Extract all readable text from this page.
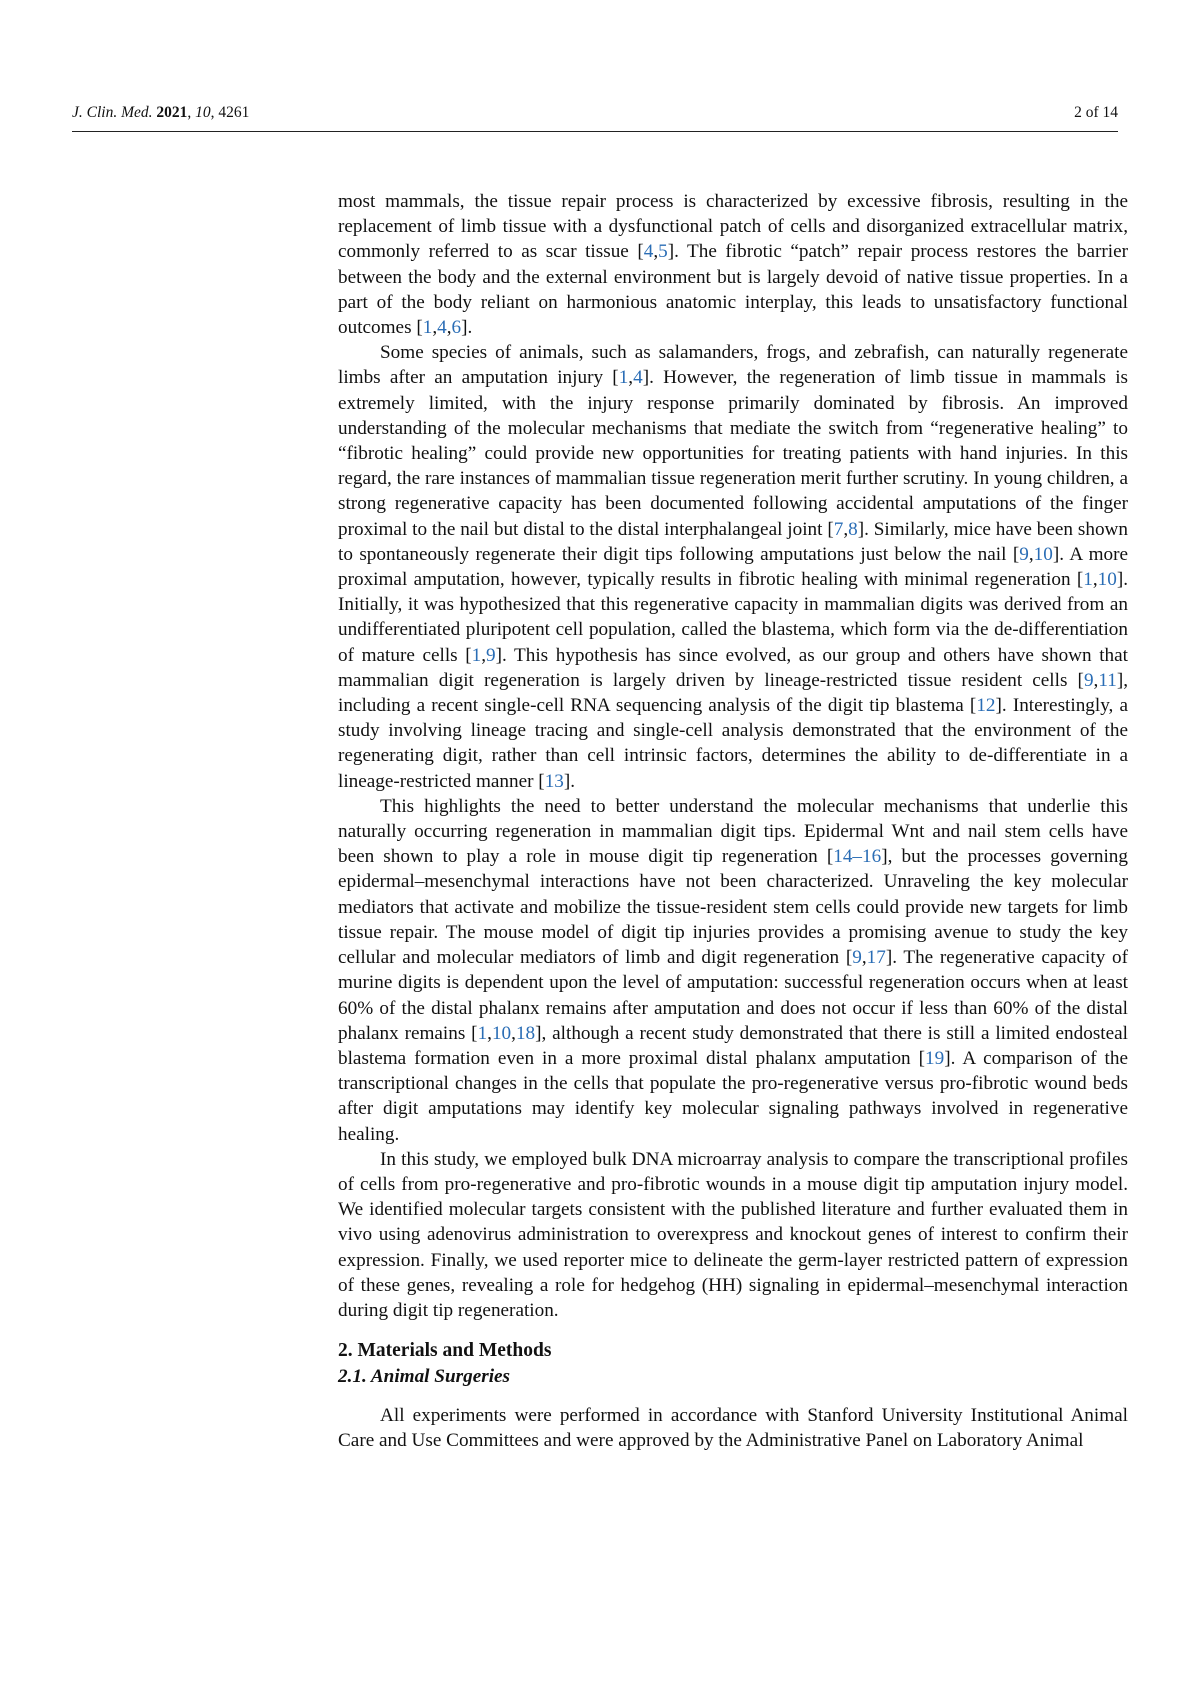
J. Clin. Med. 2021, 10, 4261	2 of 14

most mammals, the tissue repair process is characterized by excessive fibrosis, resulting in the replacement of limb tissue with a dysfunctional patch of cells and disorganized extracellular matrix, commonly referred to as scar tissue [4,5]. The fibrotic “patch” repair process restores the barrier between the body and the external environment but is largely devoid of native tissue properties. In a part of the body reliant on harmonious anatomic interplay, this leads to unsatisfactory functional outcomes [1,4,6].

Some species of animals, such as salamanders, frogs, and zebrafish, can naturally regenerate limbs after an amputation injury [1,4]. However, the regeneration of limb tissue in mammals is extremely limited, with the injury response primarily dominated by fibrosis. An improved understanding of the molecular mechanisms that mediate the switch from “regenerative healing” to “fibrotic healing” could provide new opportunities for treating patients with hand injuries. In this regard, the rare instances of mammalian tissue regeneration merit further scrutiny. In young children, a strong regenerative capacity has been documented following accidental amputations of the finger proximal to the nail but distal to the distal interphalangeal joint [7,8]. Similarly, mice have been shown to spontaneously regenerate their digit tips following amputations just below the nail [9,10]. A more proximal amputation, however, typically results in fibrotic healing with minimal regeneration [1,10]. Initially, it was hypothesized that this regenerative capacity in mammalian digits was derived from an undifferentiated pluripotent cell population, called the blastema, which form via the de-differentiation of mature cells [1,9]. This hypothesis has since evolved, as our group and others have shown that mammalian digit regeneration is largely driven by lineage-restricted tissue resident cells [9,11], including a recent single-cell RNA sequencing analysis of the digit tip blastema [12]. Interestingly, a study involving lineage tracing and single-cell analysis demonstrated that the environment of the regenerating digit, rather than cell intrinsic factors, determines the ability to de-differentiate in a lineage-restricted manner [13].

This highlights the need to better understand the molecular mechanisms that underlie this naturally occurring regeneration in mammalian digit tips. Epidermal Wnt and nail stem cells have been shown to play a role in mouse digit tip regeneration [14–16], but the processes governing epidermal–mesenchymal interactions have not been characterized. Unraveling the key molecular mediators that activate and mobilize the tissue-resident stem cells could provide new targets for limb tissue repair. The mouse model of digit tip injuries provides a promising avenue to study the key cellular and molecular mediators of limb and digit regeneration [9,17]. The regenerative capacity of murine digits is dependent upon the level of amputation: successful regeneration occurs when at least 60% of the distal phalanx remains after amputation and does not occur if less than 60% of the distal phalanx remains [1,10,18], although a recent study demonstrated that there is still a limited endosteal blastema formation even in a more proximal distal phalanx amputation [19]. A comparison of the transcriptional changes in the cells that populate the pro-regenerative versus pro-fibrotic wound beds after digit amputations may identify key molecular signaling pathways involved in regenerative healing.

In this study, we employed bulk DNA microarray analysis to compare the transcriptional profiles of cells from pro-regenerative and pro-fibrotic wounds in a mouse digit tip amputation injury model. We identified molecular targets consistent with the published literature and further evaluated them in vivo using adenovirus administration to overexpress and knockout genes of interest to confirm their expression. Finally, we used reporter mice to delineate the germ-layer restricted pattern of expression of these genes, revealing a role for hedgehog (HH) signaling in epidermal–mesenchymal interaction during digit tip regeneration.

2. Materials and Methods
2.1. Animal Surgeries

All experiments were performed in accordance with Stanford University Institutional Animal Care and Use Committees and were approved by the Administrative Panel on Laboratory Animal
